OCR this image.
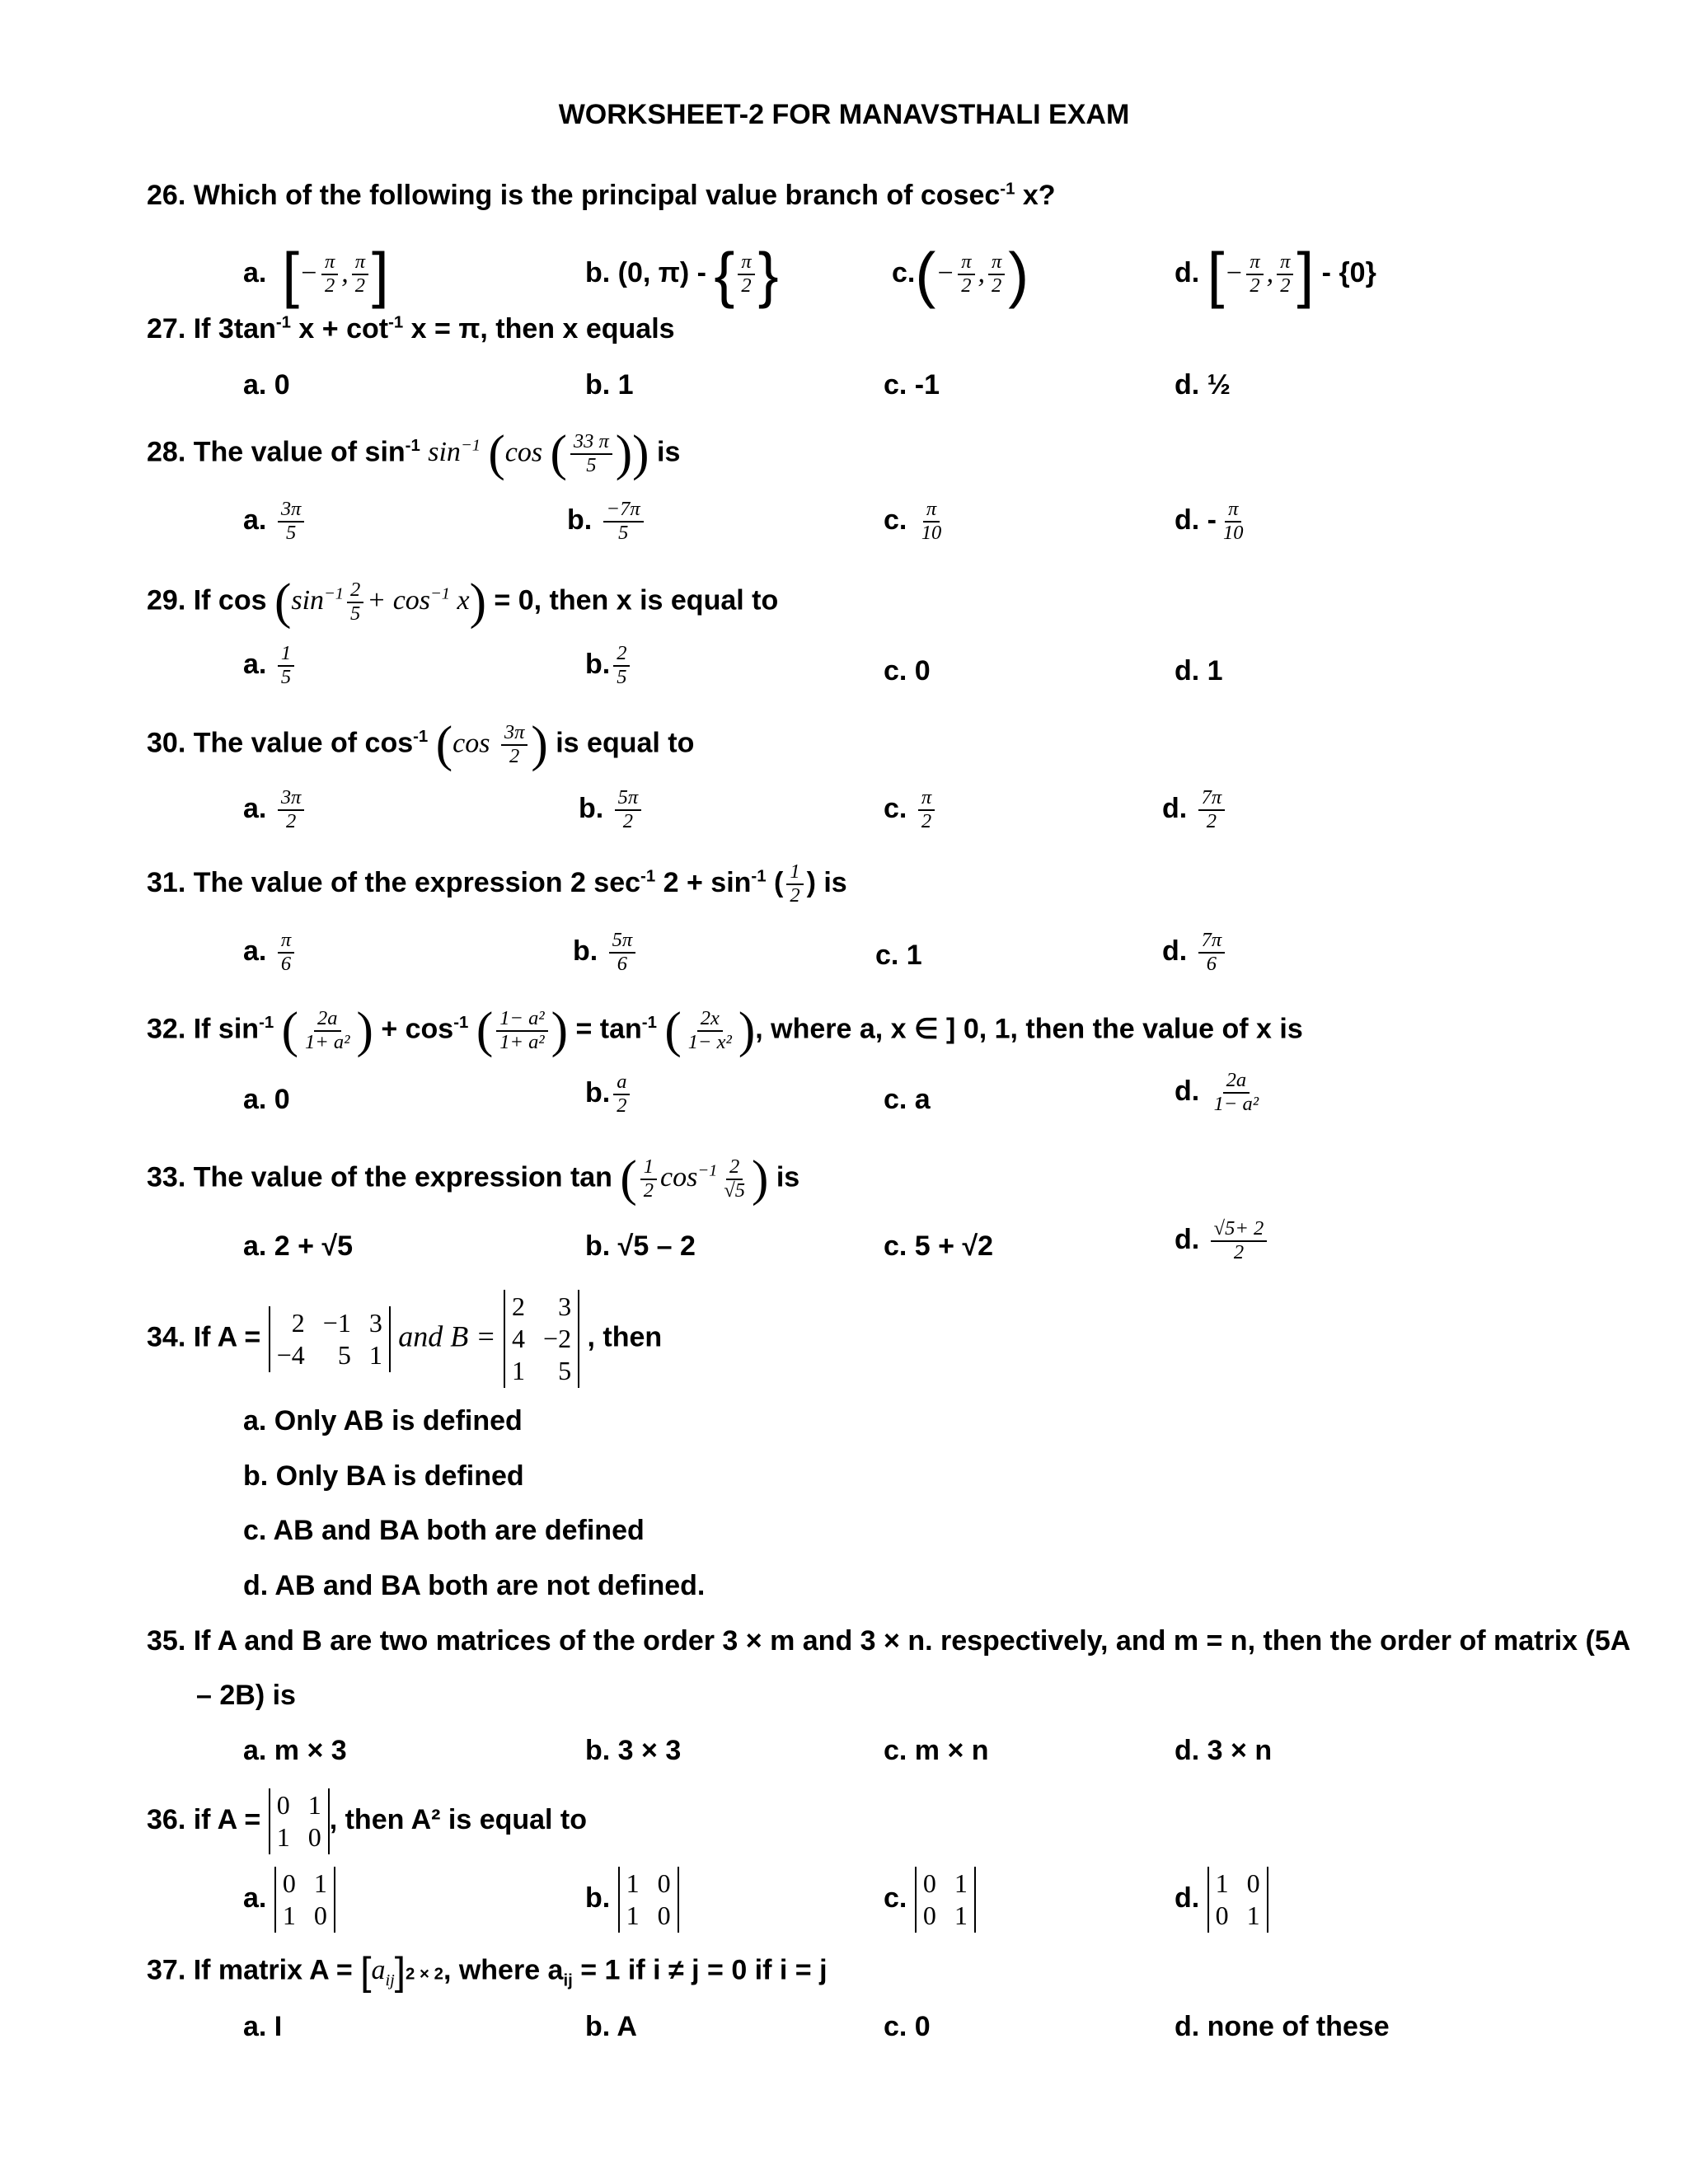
WORKSHEET-2 FOR MANAVSTHALI EXAM
26. Which of the following is the principal value branch of cosec$^{-1}$ x?
a. [− $\frac{\pi}{2}$ , $\frac{\pi}{2}$ ]	b. (0, π) - { $\frac{\pi}{2}$ }	$c.(- \frac{\pi}{2}$ , $\frac{\pi}{2}$ )	d. [− $\frac{\pi}{2}$ , $\frac{\pi}{2}$ ] - {0}
27. If $3\tan^{-1}$ $x + \cot^{-1} x = \pi$, then x equals
a. 0	b. 1	c. -1	d. ½
28. The value of $\sin^{-1} \sin^{-1} (\cos$ ( $\frac{33 \pi}{5}$ )) is
a. $\frac{3\pi}{5}$	b. $\frac{-7\pi}{5}$	c. $\frac{\pi}{10}$	d. - $\frac{\pi}{10}$
29. If $\cos (\sin^{-1} \frac{2}{5} + \cos^{-1} x) = 0$, then x is equal to
a. $\frac{1}{5}$	b. $\frac{2}{5}$	c. 0	d. 1
30. The value of $\cos^{-1} (\cos \frac{3\pi}{2}$ ) is equal to
a. $\frac{3\pi}{2}$	b. $\frac{5\pi}{2}$	c. $\frac{\pi}{2}$	d. $\frac{7\pi}{2}$
31. The value of the expression 2 $\sec^{-1} 2 + \sin^{-1}$ ( $\frac{1}{2}$ ) is
a. $\frac{\pi}{6}$	b. $\frac{5\pi}{6}$	c. 1	d. $\frac{7\pi}{6}$
32. If $\sin^{-1}$ ( $\frac{2a}{\text{1+ a²}}$ ) + $\cos^{-1}$ ( $\frac{\text{1− a²}}{\text{1+ a²}}$ ) = $\tan^{-1}$ ( $\frac{2x}{\text{1− x²}}$ ), where a, x ∈ ] 0, 1, then the value of x is
a. 0	b. $\frac{a}{2}$	c. a	d. $\frac{2a}{\text{1− a²}}$
33. The value of the expression tan ( $\frac{1}{2} \cos^{-1} \frac{2}{√5}$ ) is
a. 2 + √5	b. √5 – 2	c. 5 + √2	d. $\frac{√5+ 2}{2}$
34. If A =	2 −1 3
−4	5 1
and B =
2	3
4 −2
1	5
, then
a. Only AB is defined
b. Only BA is defined
c. AB and BA both are defined
d. AB and BA both are not defined.
35. If A and B are two matrices of the order 3 × m and 3 × n. respectively, and m = n, then the order of matrix (5A
– 2B) is
a. m × 3	b. 3 × 3	c. m × n	d. 3 × n
36. if A = 0 1
1 0
, then A² is equal to
a. 0 1
1 0
b. 1 0
1 0
c. 0 1
0 1
d. 1 0
0 1
37. If matrix $A = [a_{ij}]2 \times 2$, where $a_{ij} = 1$ if i ≠ j = 0 if i = j
a. I	b. A	c. 0	d. none of these
